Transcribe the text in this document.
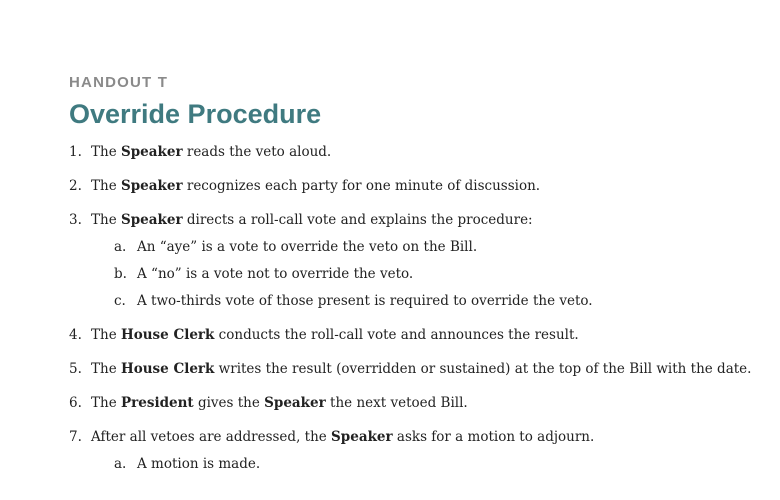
HANDOUT T
Override Procedure
1. The Speaker reads the veto aloud.
2. The Speaker recognizes each party for one minute of discussion.
3. The Speaker directs a roll-call vote and explains the procedure:
a. An “aye” is a vote to override the veto on the Bill.
b. A “no” is a vote not to override the veto.
c. A two-thirds vote of those present is required to override the veto.
4. The House Clerk conducts the roll-call vote and announces the result.
5. The House Clerk writes the result (overridden or sustained) at the top of the Bill with the date.
6. The President gives the Speaker the next vetoed Bill.
7. After all vetoes are addressed, the Speaker asks for a motion to adjourn.
a. A motion is made.
